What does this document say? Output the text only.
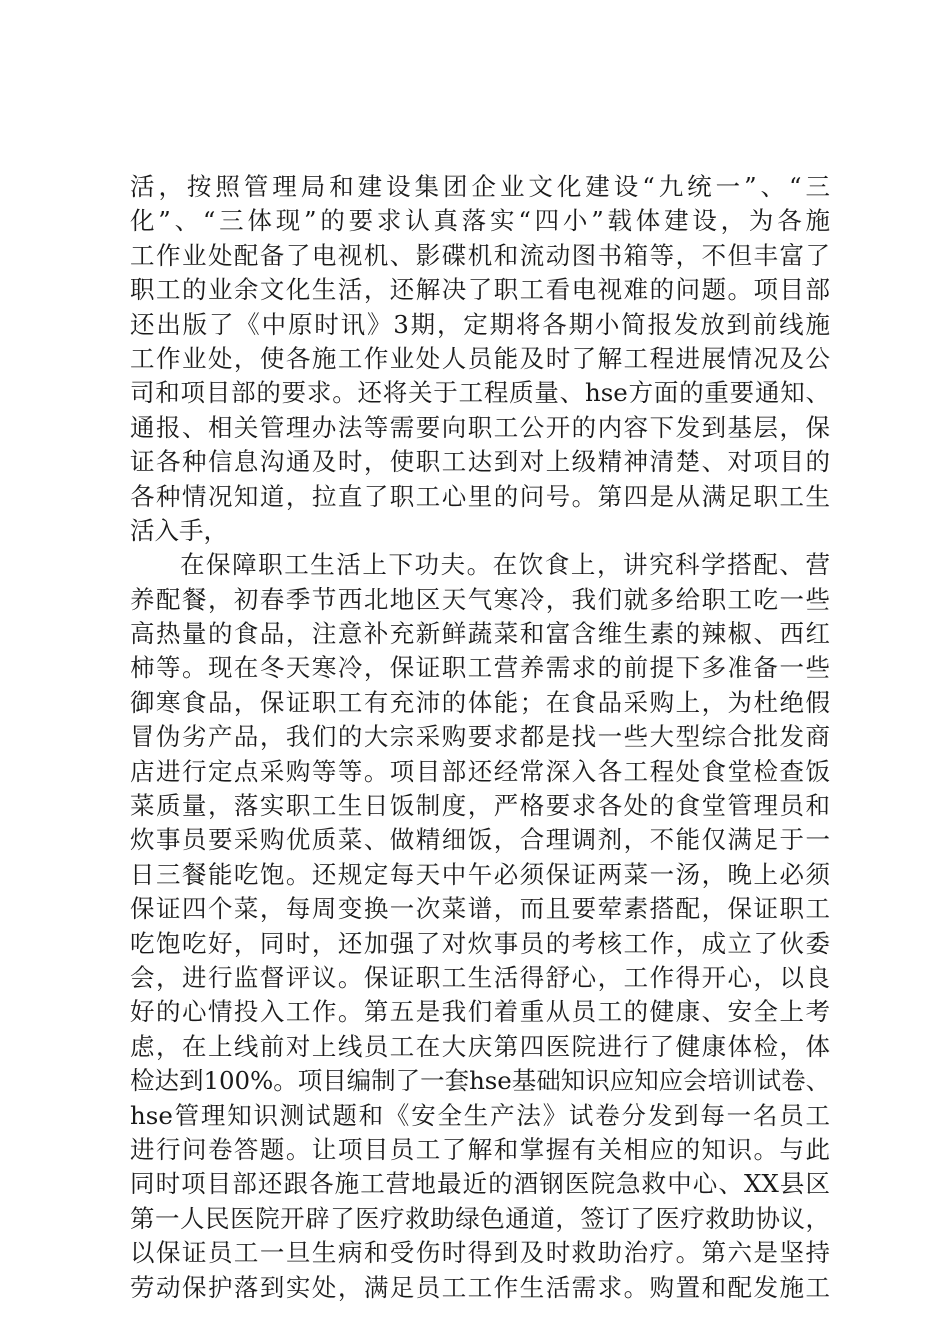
活，按照管理局和建设集团企业文化建设“九统一”、“三
化”、“三体现”的要求认真落实“四小”载体建设，为各施
工作业处配备了电视机、影碟机和流动图书箱等，不但丰富了
职工的业余文化生活，还解决了职工看电视难的问题。项目部
还出版了《中原时讯》3期，定期将各期小简报发放到前线施
工作业处，使各施工作业处人员能及时了解工程进展情况及公
司和项目部的要求。还将关于工程质量、hse方面的重要通知、
通报、相关管理办法等需要向职工公开的内容下发到基层，保
证各种信息沟通及时，使职工达到对上级精神清楚、对项目的
各种情况知道，拉直了职工心里的问号。第四是从满足职工生
活入手，
在保障职工生活上下功夫。在饮食上，讲究科学搭配、营
养配餐，初春季节西北地区天气寒冷，我们就多给职工吃一些
高热量的食品，注意补充新鲜蔬菜和富含维生素的辣椒、西红
柿等。现在冬天寒冷，保证职工营养需求的前提下多准备一些
御寒食品，保证职工有充沛的体能；在食品采购上，为杜绝假
冒伪劣产品，我们的大宗采购要求都是找一些大型综合批发商
店进行定点采购等等。项目部还经常深入各工程处食堂检查饭
菜质量，落实职工生日饭制度，严格要求各处的食堂管理员和
炊事员要采购优质菜、做精细饭，合理调剂，不能仅满足于一
日三餐能吃饱。还规定每天中午必须保证两菜一汤，晚上必须
保证四个菜，每周变换一次菜谱，而且要荤素搭配，保证职工
吃饱吃好，同时，还加强了对炊事员的考核工作，成立了伙委
会，进行监督评议。保证职工生活得舒心，工作得开心，以良
好的心情投入工作。第五是我们着重从员工的健康、安全上考
虑，在上线前对上线员工在大庆第四医院进行了健康体检，体
检达到100%。项目编制了一套hse基础知识应知应会培训试卷、
hse管理知识测试题和《安全生产法》试卷分发到每一名员工
进行问卷答题。让项目员工了解和掌握有关相应的知识。与此
同时项目部还跟各施工营地最近的酒钢医院急救中心、XX县区
第一人民医院开辟了医疗救助绿色通道，签订了医疗救助协议，
以保证员工一旦生病和受伤时得到及时救助治疗。第六是坚持
劳动保护落到实处，满足员工工作生活需求。购置和配发施工
